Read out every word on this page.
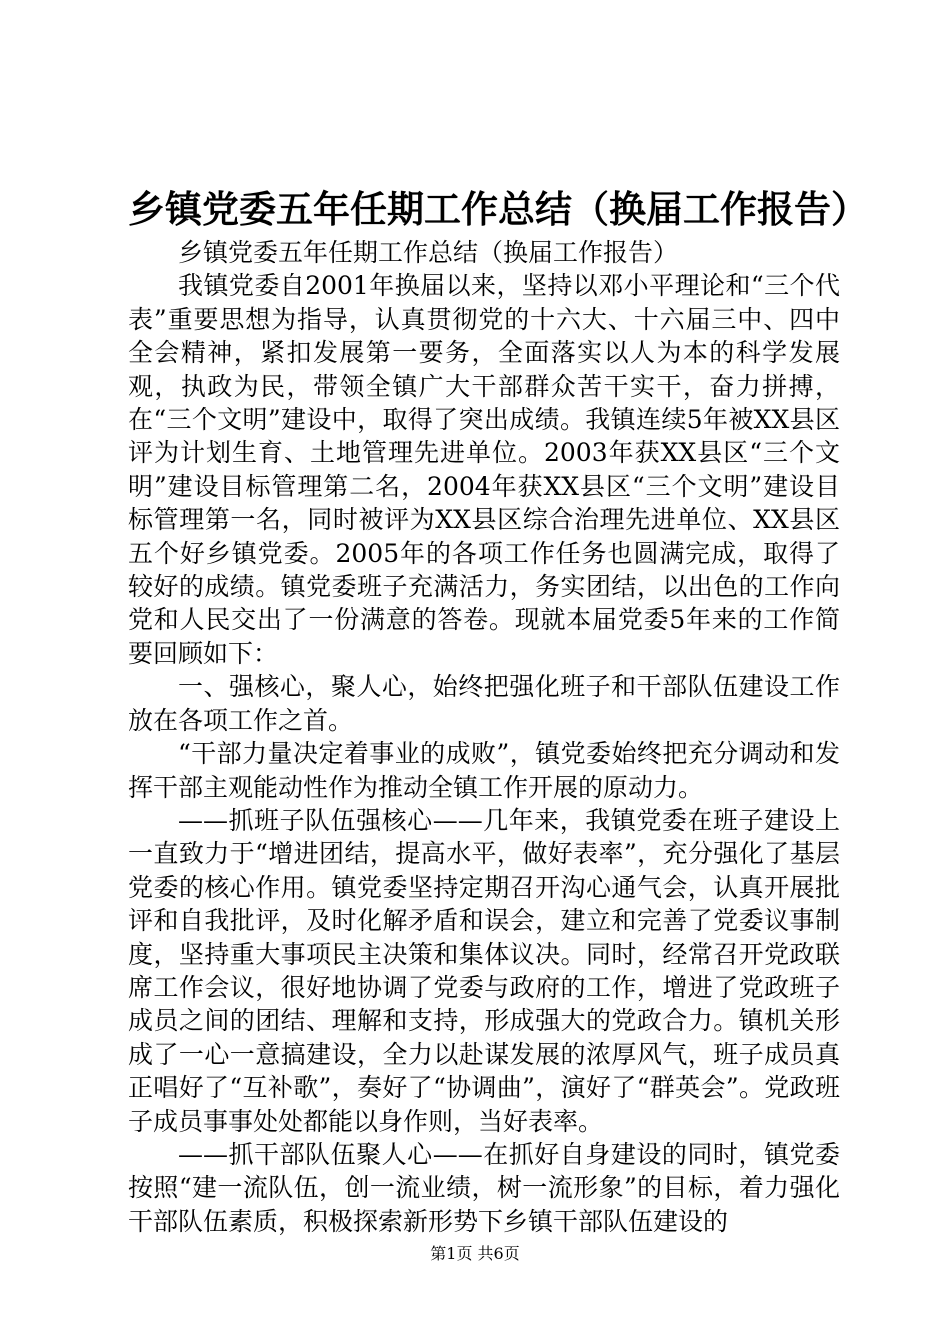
乡镇党委五年任期工作总结（换届工作报告）

乡镇党委五年任期工作总结（换届工作报告）

我镇党委自2001年换届以来，坚持以邓小平理论和“三个代表”重要思想为指导，认真贯彻党的十六大、十六届三中、四中全会精神，紧扣发展第一要务，全面落实以人为本的科学发展观，执政为民，带领全镇广大干部群众苦干实干，奋力拼搏，在“三个文明”建设中，取得了突出成绩。我镇连续5年被XX县区评为计划生育、土地管理先进单位。2003年获XX县区“三个文明”建设目标管理第二名，2004年获XX县区“三个文明”建设目标管理第一名，同时被评为XX县区综合治理先进单位、XX县区五个好乡镇党委。2005年的各项工作任务也圆满完成，取得了较好的成绩。镇党委班子充满活力，务实团结，以出色的工作向党和人民交出了一份满意的答卷。现就本届党委5年来的工作简要回顾如下：

一、强核心，聚人心，始终把强化班子和干部队伍建设工作放在各项工作之首。

“干部力量决定着事业的成败”，镇党委始终把充分调动和发挥干部主观能动性作为推动全镇工作开展的原动力。

——抓班子队伍强核心——几年来，我镇党委在班子建设上一直致力于“增进团结，提高水平，做好表率”，充分强化了基层党委的核心作用。镇党委坚持定期召开沟心通气会，认真开展批评和自我批评，及时化解矛盾和误会，建立和完善了党委议事制度，坚持重大事项民主决策和集体议决。同时，经常召开党政联席工作会议，很好地协调了党委与政府的工作，增进了党政班子成员之间的团结、理解和支持，形成强大的党政合力。镇机关形成了一心一意搞建设，全力以赴谋发展的浓厚风气，班子成员真正唱好了“互补歌”，奏好了“协调曲”，演好了“群英会”。党政班子成员事事处处都能以身作则，当好表率。

——抓干部队伍聚人心——在抓好自身建设的同时，镇党委按照“建一流队伍，创一流业绩，树一流形象”的目标，着力强化干部队伍素质，积极探索新形势下乡镇干部队伍建设的

第1页 共6页
